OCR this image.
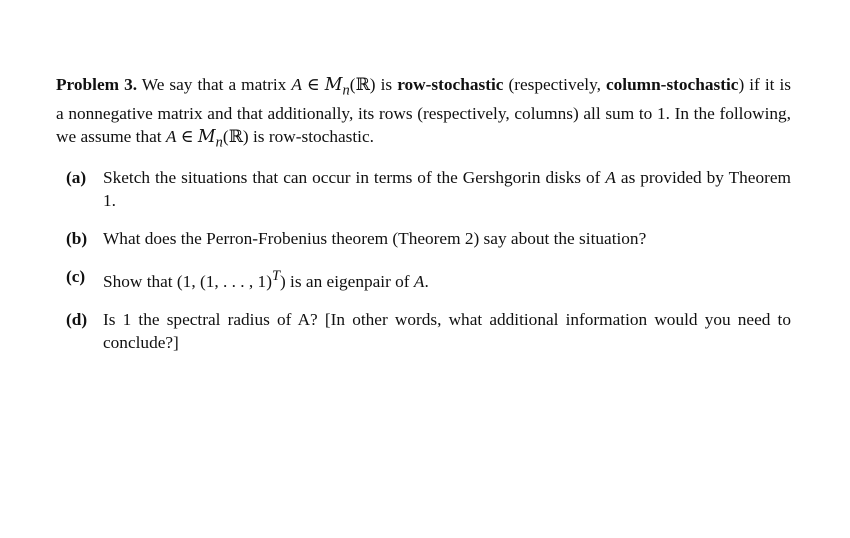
Problem 3. We say that a matrix A ∈ $M_n(ℝ)$ is row-stochastic (respectively, column-stochastic) if it is a nonnegative matrix and that additionally, its rows (respectively, columns) all sum to 1. In the following, we assume that A ∈ $M_n(ℝ)$ is row-stochastic.

(a) Sketch the situations that can occur in terms of the Gershgorin disks of A as provided by Theorem 1.
(b) What does the Perron-Frobenius theorem (Theorem 2) say about the situation?
(c) Show that (1, (1, . . . , 1)$^T$) is an eigenpair of A.
(d) Is 1 the spectral radius of A? [In other words, what additional information would you need to conclude?]
